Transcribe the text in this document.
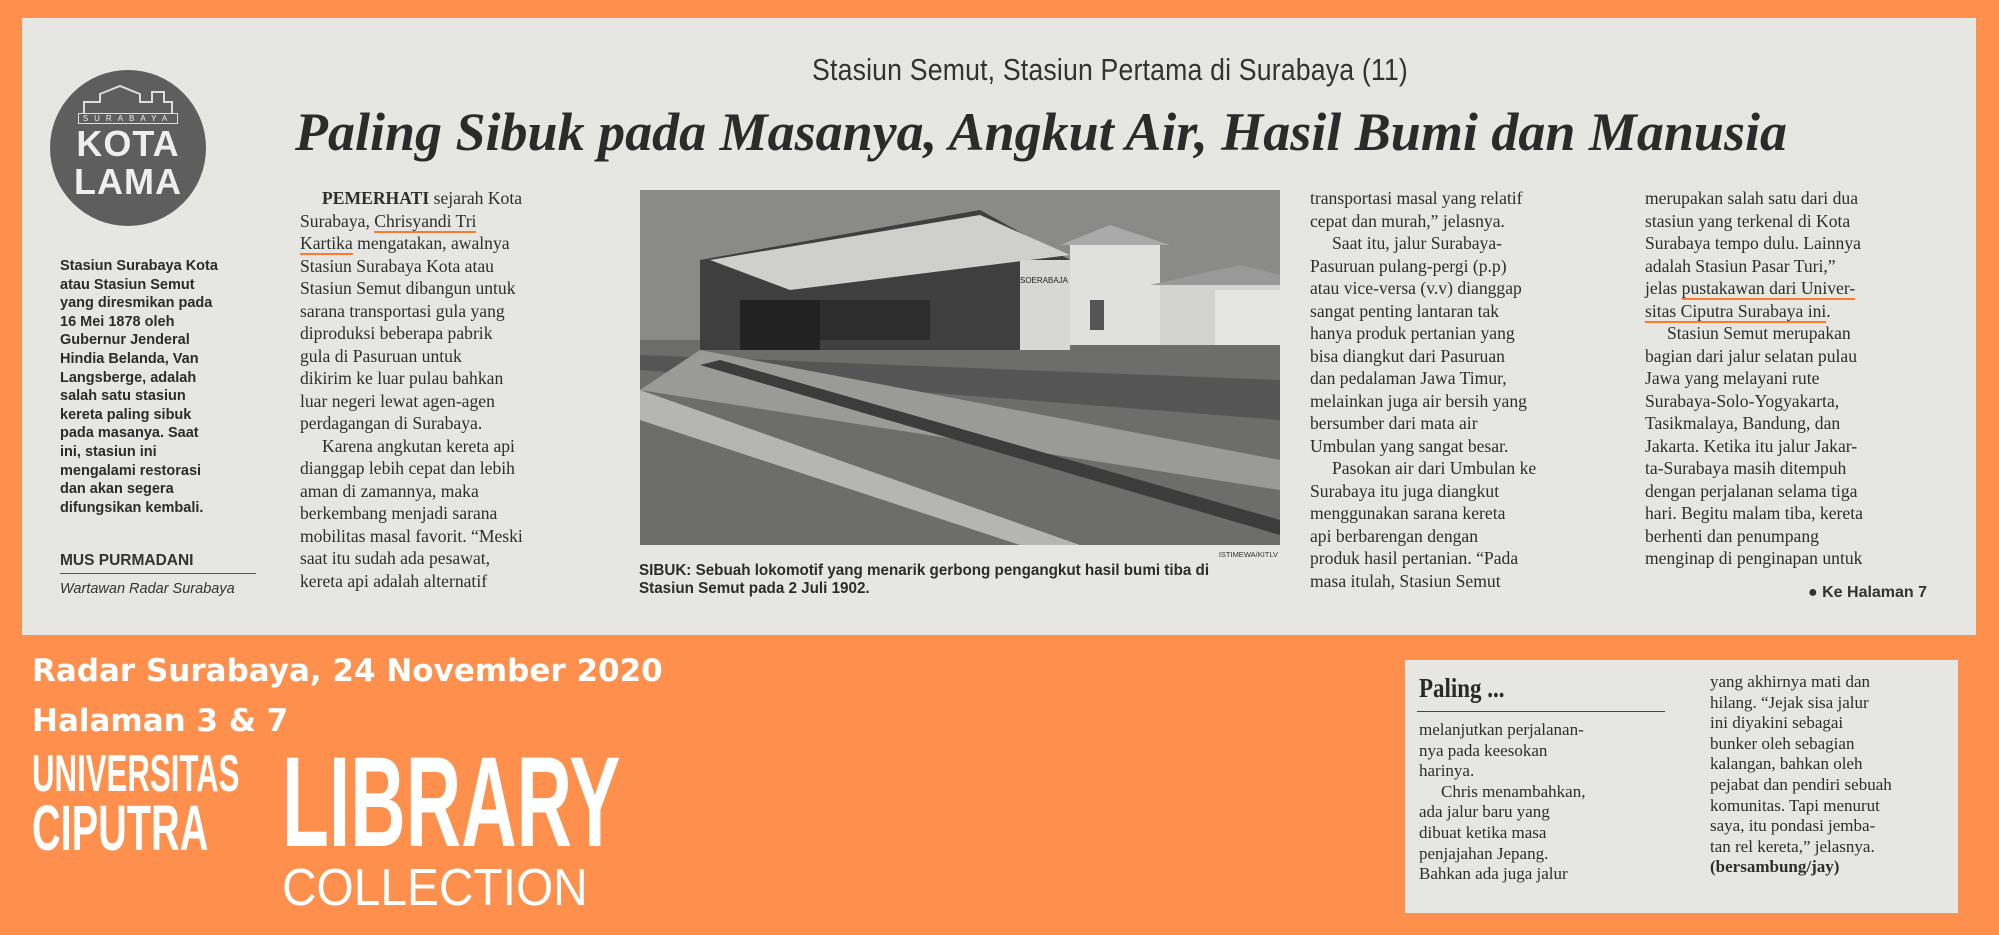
Stasiun Semut, Stasiun Pertama di Surabaya (11)
Paling Sibuk pada Masanya, Angkut Air, Hasil Bumi dan Manusia
SURABAYA
KOTA
LAMA
Stasiun Surabaya Kota
atau Stasiun Semut
yang diresmikan pada
16 Mei 1878 oleh
Gubernur Jenderal
Hindia Belanda, Van
Langsberge, adalah
salah satu stasiun
kereta paling sibuk
pada masanya. Saat
ini, stasiun ini
mengalami restorasi
dan akan segera
difungsikan kembali.
MUS PURMADANI
Wartawan Radar Surabaya

PEMERHATI sejarah Kota

Surabaya, Chrisyandi Tri

Kartika mengatakan, awalnya

Stasiun Surabaya Kota atau
Stasiun Semut dibangun untuk
sarana transportasi gula yang
diproduksi beberapa pabrik
gula di Pasuruan untuk
dikirim ke luar pulau bahkan
luar negeri lewat agen-agen
perdagangan di Surabaya.
Karena angkutan kereta api
dianggap lebih cepat dan lebih
aman di zamannya, maka
berkembang menjadi sarana
mobilitas masal favorit. “Meski
saat itu sudah ada pesawat,
kereta api adalah alternatif
SOERABAJA
ISTIMEWA/KITLV
SIBUK: Sebuah lokomotif yang menarik gerbong pengangkut hasil bumi tiba di
Stasiun Semut pada 2 Juli 1902.
transportasi masal yang relatif
cepat dan murah,” jelasnya.
Saat itu, jalur Surabaya-
Pasuruan pulang-pergi (p.p)
atau vice-versa (v.v) dianggap
sangat penting lantaran tak
hanya produk pertanian yang
bisa diangkut dari Pasuruan
dan pedalaman Jawa Timur,
melainkan juga air bersih yang
bersumber dari mata air
Umbulan yang sangat besar.
Pasokan air dari Umbulan ke
Surabaya itu juga diangkut
menggunakan sarana kereta
api berbarengan dengan
produk hasil pertanian. “Pada
masa itulah, Stasiun Semut
merupakan salah satu dari dua
stasiun yang terkenal di Kota
Surabaya tempo dulu. Lainnya
adalah Stasiun Pasar Turi,”

jelas pustakawan dari Univer-

sitas Ciputra Surabaya ini.

Stasiun Semut merupakan
bagian dari jalur selatan pulau
Jawa yang melayani rute
Surabaya-Solo-Yogyakarta,
Tasikmalaya, Bandung, dan
Jakarta. Ketika itu jalur Jakar-
ta-Surabaya masih ditempuh
dengan perjalanan selama tiga
hari. Begitu malam tiba, kereta
berhenti dan penumpang
menginap di penginapan untuk
● Ke Halaman 7
Paling ...
melanjutkan perjalanan-
nya pada keesokan
harinya.
Chris menambahkan,
ada jalur baru yang
dibuat ketika masa
penjajahan Jepang.
Bahkan ada juga jalur
yang akhirnya mati dan
hilang. “Jejak sisa jalur
ini diyakini sebagai
bunker oleh sebagian
kalangan, bahkan oleh
pejabat dan pendiri sebuah
komunitas. Tapi menurut
saya, itu pondasi jemba-
tan rel kereta,” jelasnya.
(bersambung/jay)
Radar Surabaya, 24 November 2020
Halaman 3 & 7
UNIVERSITAS
CIPUTRA LIBRARY
COLLECTION
